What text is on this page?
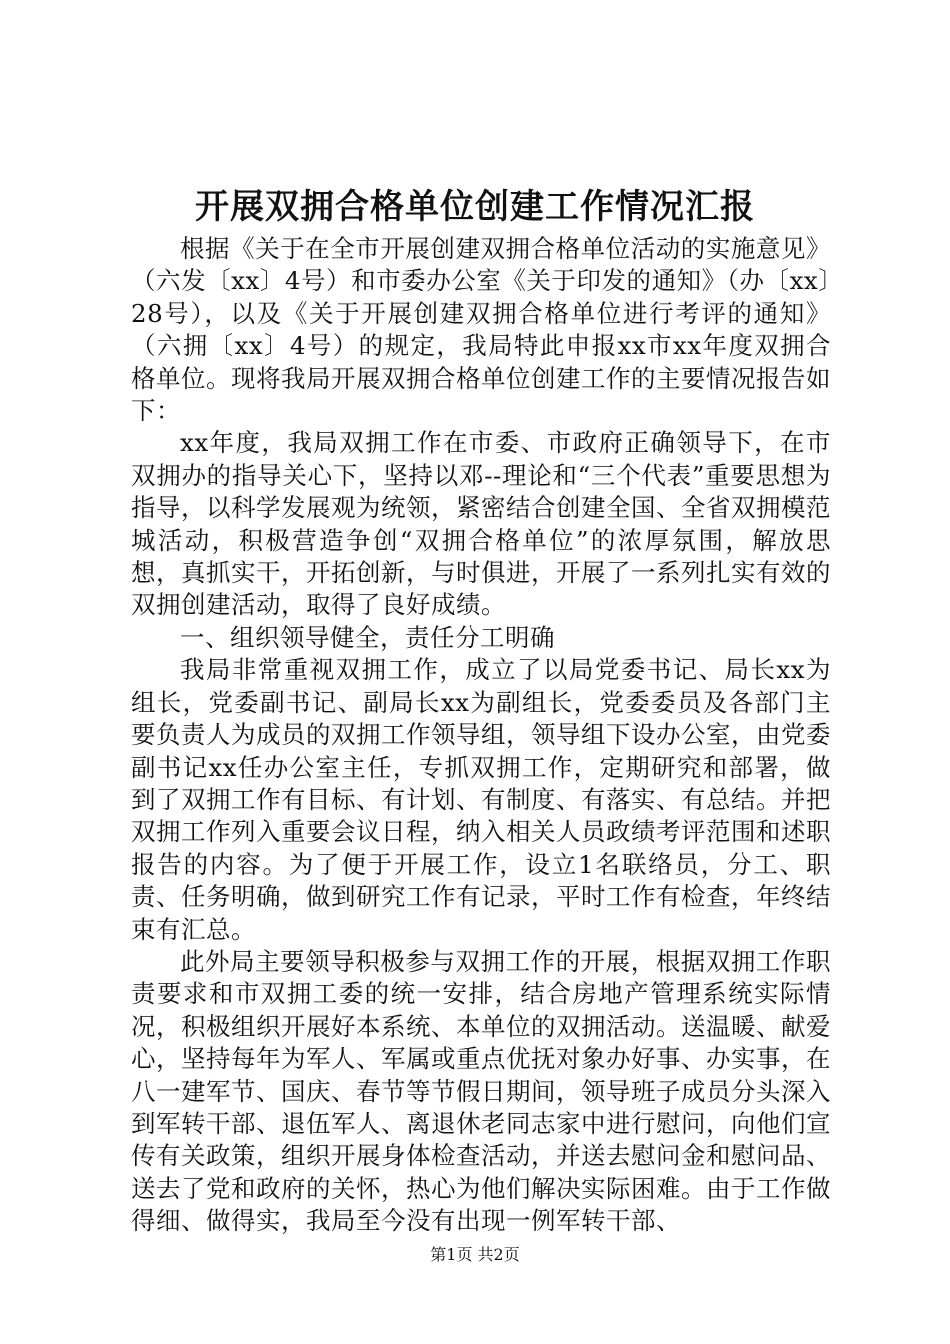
开展双拥合格单位创建工作情况汇报

根据《关于在全市开展创建双拥合格单位活动的实施意见》（六发〔xx〕4号）和市委办公室《关于印发的通知》（办〔xx〕28号），以及《关于开展创建双拥合格单位进行考评的通知》（六拥〔xx〕4号）的规定，我局特此申报xx市xx年度双拥合格单位。现将我局开展双拥合格单位创建工作的主要情况报告如下：

xx年度，我局双拥工作在市委、市政府正确领导下，在市双拥办的指导关心下，坚持以邓--理论和“三个代表”重要思想为指导，以科学发展观为统领，紧密结合创建全国、全省双拥模范城活动，积极营造争创“双拥合格单位”的浓厚氛围，解放思想，真抓实干，开拓创新，与时俱进，开展了一系列扎实有效的双拥创建活动，取得了良好成绩。

一、组织领导健全，责任分工明确

我局非常重视双拥工作，成立了以局党委书记、局长xx为组长，党委副书记、副局长xx为副组长，党委委员及各部门主要负责人为成员的双拥工作领导组，领导组下设办公室，由党委副书记xx任办公室主任，专抓双拥工作，定期研究和部署，做到了双拥工作有目标、有计划、有制度、有落实、有总结。并把双拥工作列入重要会议日程，纳入相关人员政绩考评范围和述职报告的内容。为了便于开展工作，设立1名联络员，分工、职责、任务明确，做到研究工作有记录，平时工作有检查，年终结束有汇总。

此外局主要领导积极参与双拥工作的开展，根据双拥工作职责要求和市双拥工委的统一安排，结合房地产管理系统实际情况，积极组织开展好本系统、本单位的双拥活动。送温暖、献爱心，坚持每年为军人、军属或重点优抚对象办好事、办实事，在八一建军节、国庆、春节等节假日期间，领导班子成员分头深入到军转干部、退伍军人、离退休老同志家中进行慰问，向他们宣传有关政策，组织开展身体检查活动，并送去慰问金和慰问品、送去了党和政府的关怀，热心为他们解决实际困难。由于工作做得细、做得实，我局至今没有出现一例军转干部、

第1页 共2页
